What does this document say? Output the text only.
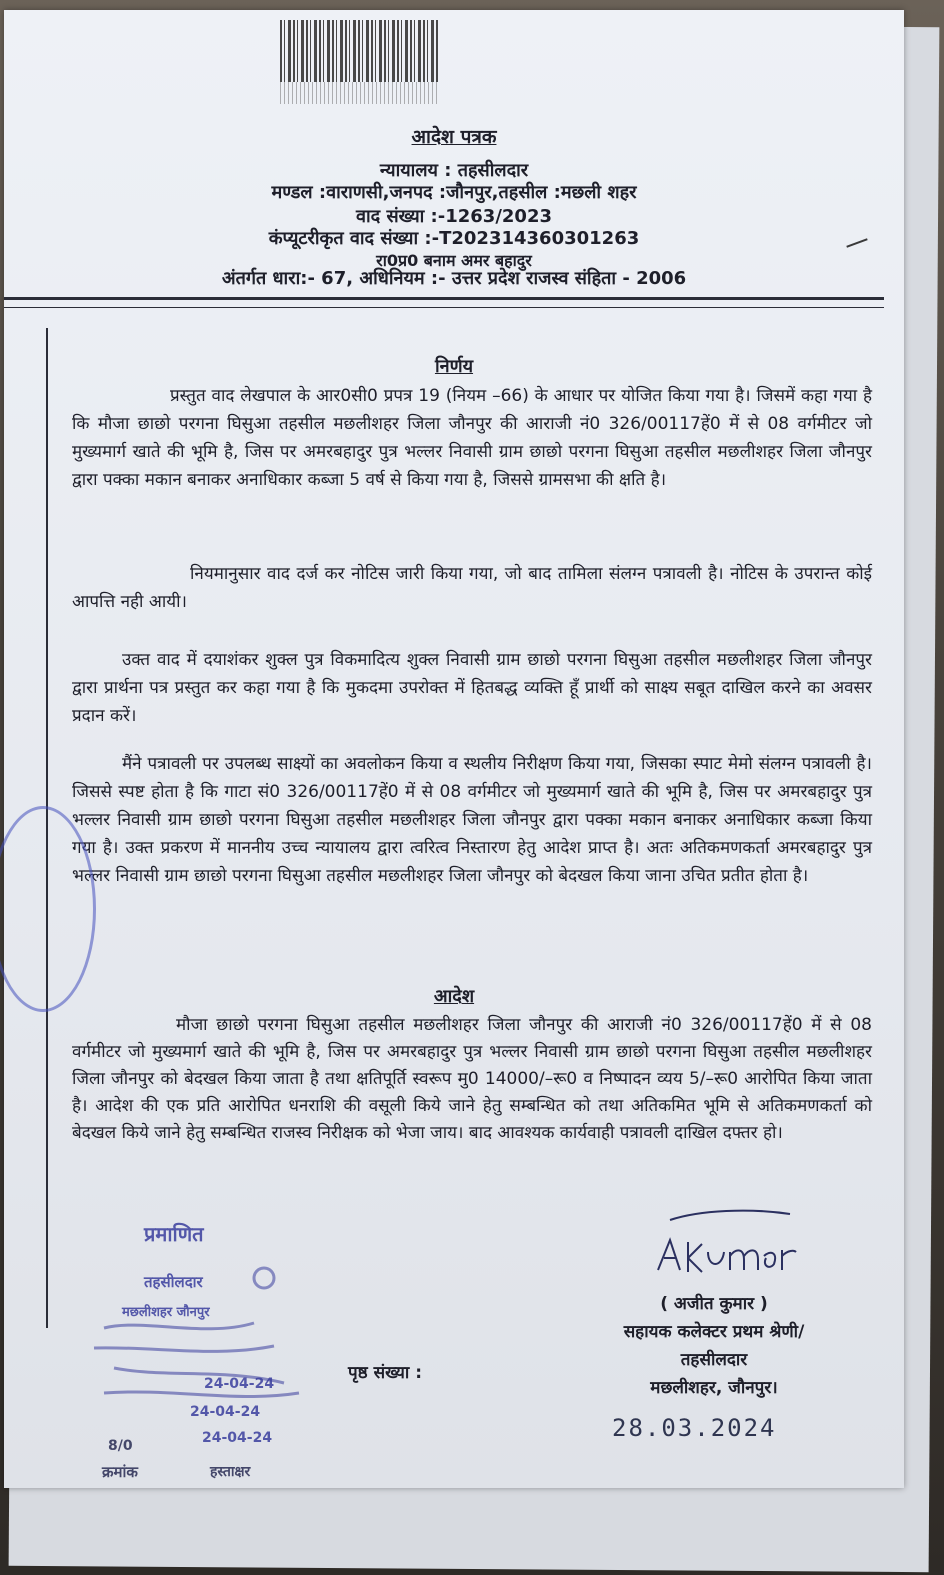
आदेश पत्रक
न्यायालय : तहसीलदार
मण्डल :वाराणसी,जनपद :जौनपुर,तहसील :मछली शहर
वाद संख्या :-1263/2023
कंप्यूटरीकृत वाद संख्या :-T202314360301263
रा0प्र0 बनाम अमर बहादुर
अंतर्गत धारा:- 67, अधिनियम :- उत्तर प्रदेश राजस्व संहिता - 2006
निर्णय
प्रस्तुत वाद लेखपाल के आर0सी0 प्रपत्र 19 (नियम –66) के आधार पर योजित किया गया है। जिसमें कहा गया है कि मौजा छाछो परगना घिसुआ तहसील मछलीशहर जिला जौनपुर की आराजी नं0 326/00117हें0 में से 08 वर्गमीटर जो मुख्यमार्ग खाते की भूमि है, जिस पर अमरबहादुर पुत्र भल्लर निवासी ग्राम छाछो परगना घिसुआ तहसील मछलीशहर जिला जौनपुर द्वारा पक्का मकान बनाकर अनाधिकार कब्जा 5 वर्ष से किया गया है, जिससे ग्रामसभा की क्षति है।
नियमानुसार वाद दर्ज कर नोटिस जारी किया गया, जो बाद तामिला संलग्न पत्रावली है। नोटिस के उपरान्त कोई आपत्ति नही आयी।
उक्त वाद में दयाशंकर शुक्ल पुत्र विकमादित्य शुक्ल निवासी ग्राम छाछो परगना घिसुआ तहसील मछलीशहर जिला जौनपुर द्वारा प्रार्थना पत्र प्रस्तुत कर कहा गया है कि मुकदमा उपरोक्त में हितबद्ध व्यक्ति हूँ प्रार्थी को साक्ष्य सबूत दाखिल करने का अवसर प्रदान करें।
मैंने पत्रावली पर उपलब्ध साक्ष्यों का अवलोकन किया व स्थलीय निरीक्षण किया गया, जिसका स्पाट मेमो संलग्न पत्रावली है। जिससे स्पष्ट होता है कि गाटा सं0 326/00117हें0 में से 08 वर्गमीटर जो मुख्यमार्ग खाते की भूमि है, जिस पर अमरबहादुर पुत्र भल्लर निवासी ग्राम छाछो परगना घिसुआ तहसील मछलीशहर जिला जौनपुर द्वारा पक्का मकान बनाकर अनाधिकार कब्जा किया गया है। उक्त प्रकरण में माननीय उच्च न्यायालय द्वारा त्वरित्व निस्तारण हेतु आदेश प्राप्त है। अतः अतिकमणकर्ता अमरबहादुर पुत्र भल्लर निवासी ग्राम छाछो परगना घिसुआ तहसील मछलीशहर जिला जौनपुर को बेदखल किया जाना उचित प्रतीत होता है।
आदेश
मौजा छाछो परगना घिसुआ तहसील मछलीशहर जिला जौनपुर की आराजी नं0 326/00117हें0 में से 08 वर्गमीटर जो मुख्यमार्ग खाते की भूमि है, जिस पर अमरबहादुर पुत्र भल्लर निवासी ग्राम छाछो परगना घिसुआ तहसील मछलीशहर जिला जौनपुर को बेदखल किया जाता है तथा क्षतिपूर्ति स्वरूप मु0 14000/–रू0 व निष्पादन व्यय 5/–रू0 आरोपित किया जाता है। आदेश की एक प्रति आरोपित धनराशि की वसूली किये जाने हेतु सम्बन्धित को तथा अतिकमित भूमि से अतिकमणकर्ता को बेदखल किये जाने हेतु सम्बन्धित राजस्व निरीक्षक को भेजा जाय। बाद आवश्यक कार्यवाही पत्रावली दाखिल दफ्तर हो।
प्रमाणित
तहसीलदार
मछलीशहर जौनपुर
24-04-24
24-04-24
24-04-24
8/0
क्रमांक	हस्ताक्षर
पृष्ठ संख्या :
( अजीत कुमार )
सहायक कलेक्टर प्रथम श्रेणी/
तहसीलदार
मछलीशहर, जौनपुर।
28.03.2024
